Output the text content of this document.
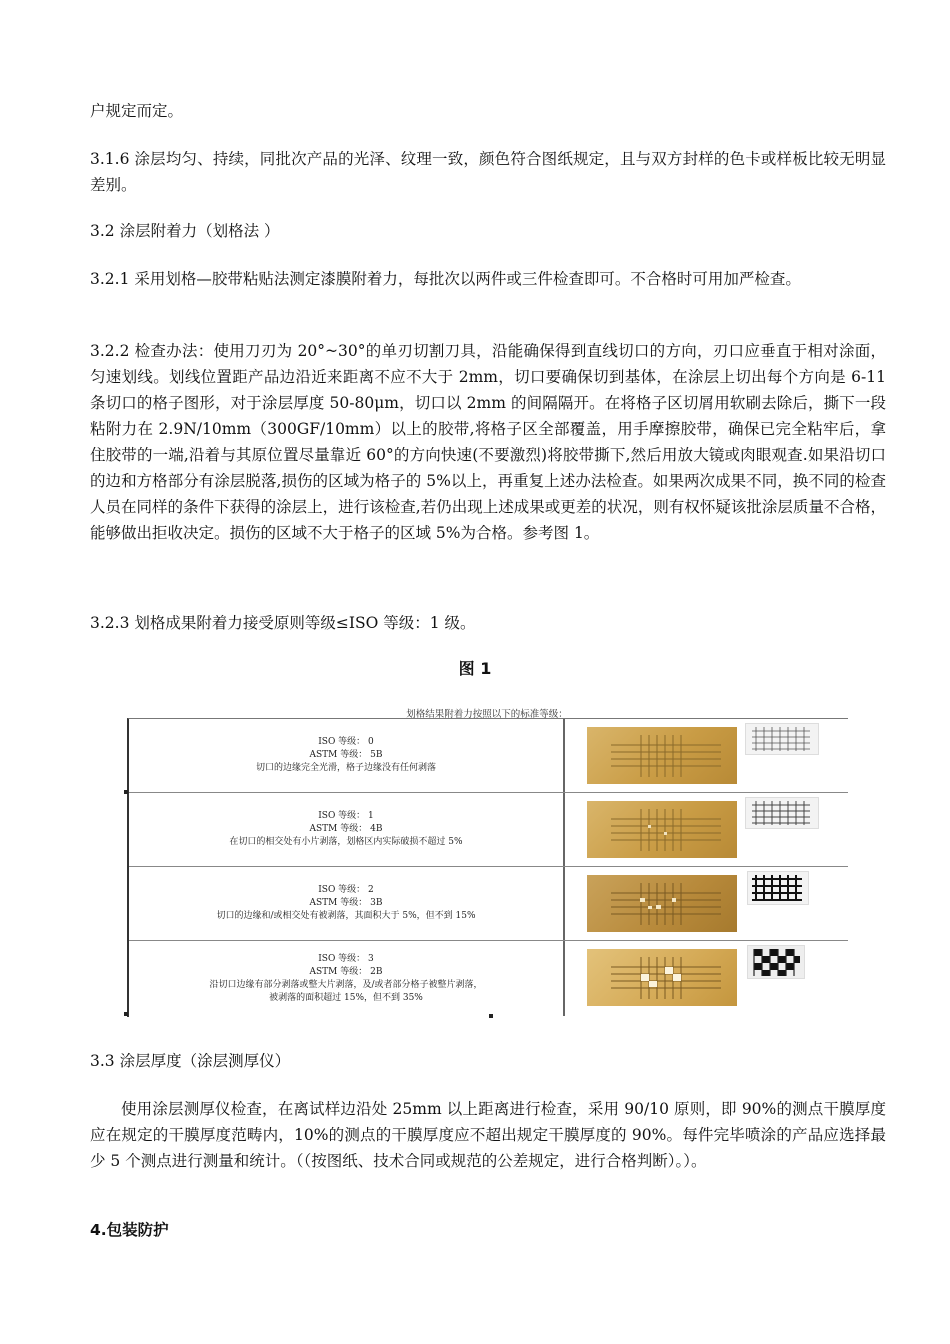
户规定而定。

3.1.6 涂层均匀、持续，同批次产品的光泽、纹理一致，颜色符合图纸规定，且与双方封样的色卡或样板比较无明显差别。

3.2 涂层附着力（划格法 ）

3.2.1 采用划格—胶带粘贴法测定漆膜附着力，每批次以两件或三件检查即可。不合格时可用加严检查。

3.2.2 检查办法：使用刀刃为 20°~30°的单刃切割刀具，沿能确保得到直线切口的方向，刃口应垂直于相对涂面，匀速划线。划线位置距产品边沿近来距离不应不大于 2mm，切口要确保切到基体，在涂层上切出每个方向是 6-11 条切口的格子图形，对于涂层厚度 50-80μm，切口以 2mm 的间隔隔开。在将格子区切屑用软刷去除后，撕下一段粘附力在 2.9N/10mm（300GF/10mm）以上的胶带,将格子区全部覆盖，用手摩擦胶带，确保已完全粘牢后，拿住胶带的一端,沿着与其原位置尽量靠近 60°的方向快速(不要激烈)将胶带撕下,然后用放大镜或肉眼观查.如果沿切口的边和方格部分有涂层脱落,损伤的区域为格子的 5%以上，再重复上述办法检查。如果两次成果不同，换不同的检查人员在同样的条件下获得的涂层上，进行该检查,若仍出现上述成果或更差的状况，则有权怀疑该批涂层质量不合格，能够做出拒收决定。损伤的区域不大于格子的区域 5%为合格。参考图 1。

3.2.3 划格成果附着力接受原则等级≤ISO 等级：1 级。

图 1
划格结果附着力按照以下的标准等级：
ISO 等级： 0
ASTM 等级： 5B
切口的边缘完全光滑，格子边缘没有任何剥落
ISO 等级： 1
ASTM 等级： 4B
在切口的相交处有小片剥落，划格区内实际破损不超过 5%
ISO 等级： 2
ASTM 等级： 3B
切口的边缘和/或相交处有被剥落，其面积大于 5%，但不到 15%
ISO 等级： 3
ASTM 等级： 2B
沿切口边缘有部分剥落或整大片剥落，及/或者部分格子被整片剥落，
被剥落的面积超过 15%，但不到 35%

3.3 涂层厚度（涂层测厚仪）

使用涂层测厚仪检查，在离试样边沿处 25mm 以上距离进行检查，采用 90/10 原则，即 90%的测点干膜厚度应在规定的干膜厚度范畴内，10%的测点的干膜厚度应不超出规定干膜厚度的 90%。每件完毕喷涂的产品应选择最少 5 个测点进行测量和统计。（（按图纸、技术合同或规范的公差规定，进行合格判断）。）。

4.包装防护
